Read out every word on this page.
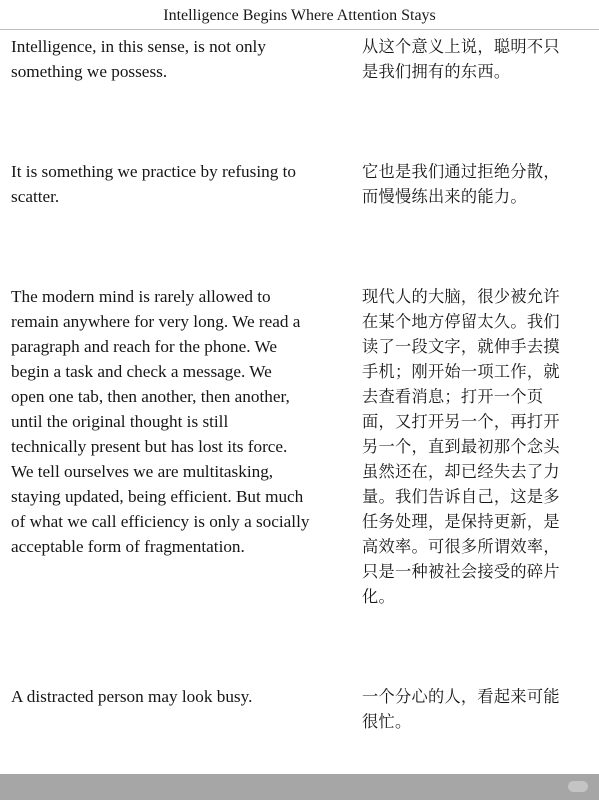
Intelligence Begins Where Attention Stays
Intelligence, in this sense, is not only
something we possess.
从这个意义上说，聪明不只
是我们拥有的东西。
It is something we practice by refusing to
scatter.
它也是我们通过拒绝分散，
而慢慢练出来的能力。
The modern mind is rarely allowed to
remain anywhere for very long. We read a
paragraph and reach for the phone. We
begin a task and check a message. We
open one tab, then another, then another,
until the original thought is still
technically present but has lost its force.
We tell ourselves we are multitasking,
staying updated, being efficient. But much
of what we call efficiency is only a socially
acceptable form of fragmentation.
现代人的大脑，很少被允许
在某个地方停留太久。我们
读了一段文字，就伸手去摸
手机；刚开始一项工作，就
去查看消息；打开一个页
面，又打开另一个，再打开
另一个，直到最初那个念头
虽然还在，却已经失去了力
量。我们告诉自己，这是多
任务处理，是保持更新，是
高效率。可很多所谓效率，
只是一种被社会接受的碎片
化。
A distracted person may look busy.	一个分心的人，看起来可能
很忙。
